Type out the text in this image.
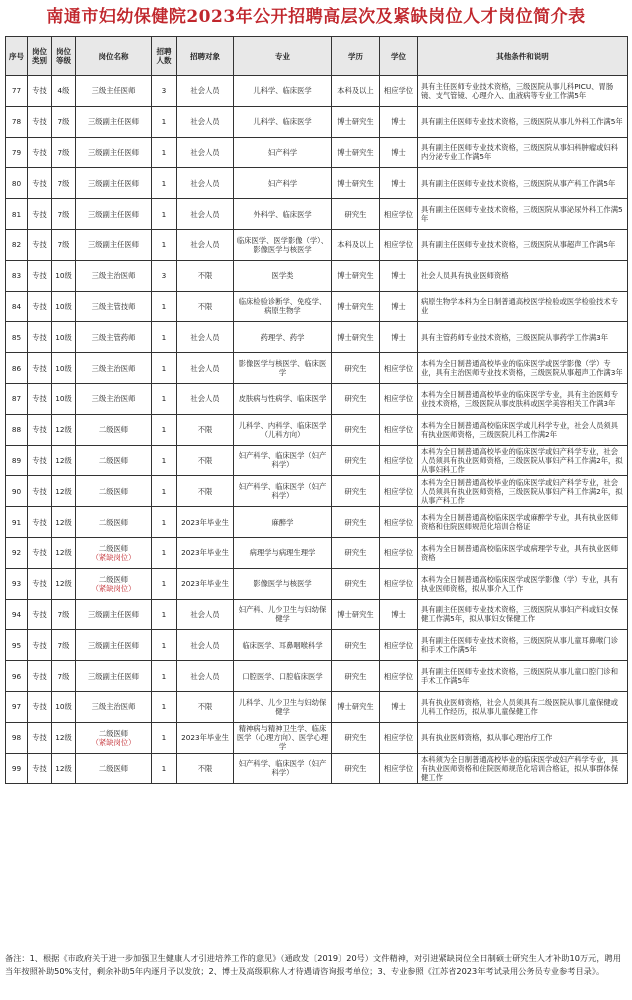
南通市妇幼保健院2023年公开招聘高层次及紧缺岗位人才岗位简介表
序号	岗位类别	岗位等级	岗位名称	招聘人数	招聘对象	专业	学历	学位	其他条件和说明
77	专技	4级	三级主任医师	3	社会人员	儿科学、临床医学	本科及以上	相应学位	具有主任医师专业技术资格，三级医院从事儿科PICU、胃肠镜、支气管镜、心理介入、血液病等专业工作满5年
78	专技	7级	三级副主任医师	1	社会人员	儿科学、临床医学	博士研究生	博士	具有副主任医师专业技术资格，三级医院从事儿外科工作满5年
79	专技	7级	三级副主任医师	1	社会人员	妇产科学	博士研究生	博士	具有副主任医师专业技术资格，三级医院从事妇科肿瘤或妇科内分泌专业工作满5年
80	专技	7级	三级副主任医师	1	社会人员	妇产科学	博士研究生	博士	具有副主任医师专业技术资格，三级医院从事产科工作满5年
81	专技	7级	三级副主任医师	1	社会人员	外科学、临床医学	研究生	相应学位	具有副主任医师专业技术资格，三级医院从事泌尿外科工作满5年
82	专技	7级	三级副主任医师	1	社会人员	临床医学、医学影像（学）、影像医学与核医学	本科及以上	相应学位	具有副主任医师专业技术资格，三级医院从事超声工作满5年
83	专技	10级	三级主治医师	3	不限	医学类	博士研究生	博士	社会人员具有执业医师资格
84	专技	10级	三级主管技师	1	不限	临床检验诊断学、免疫学、病原生物学	博士研究生	博士	病原生物学本科为全日制普通高校医学检验或医学检验技术专业
85	专技	10级	三级主管药师	1	社会人员	药理学、药学	博士研究生	博士	具有主管药师专业技术资格，三级医院从事药学工作满3年
86	专技	10级	三级主治医师	1	社会人员	影像医学与核医学、临床医学	研究生	相应学位	本科为全日制普通高校毕业的临床医学或医学影像（学）专业，具有主治医师专业技术资格，三级医院从事超声工作满3年
87	专技	10级	三级主治医师	1	社会人员	皮肤病与性病学、临床医学	研究生	相应学位	本科为全日制普通高校毕业的临床医学专业，具有主治医师专业技术资格，三级医院从事皮肤科或医学美容相关工作满3年
88	专技	12级	二级医师	1	不限	儿科学、内科学、临床医学（儿科方向）	研究生	相应学位	本科为全日制普通高校临床医学或儿科学专业，社会人员须具有执业医师资格，三级医院儿科工作满2年
89	专技	12级	二级医师	1	不限	妇产科学、临床医学（妇产科学）	研究生	相应学位	本科为全日制普通高校毕业的临床医学或妇产科学专业，社会人员须具有执业医师资格，三级医院从事妇产科工作满2年，拟从事妇科工作
90	专技	12级	二级医师	1	不限	妇产科学、临床医学（妇产科学）	研究生	相应学位	本科为全日制普通高校毕业的临床医学或妇产科学专业，社会人员须具有执业医师资格，三级医院从事妇产科工作满2年，拟从事产科工作
91	专技	12级	二级医师	1	2023年毕业生	麻醉学	研究生	相应学位	本科为全日制普通高校临床医学或麻醉学专业，具有执业医师资格和住院医师规范化培训合格证
92	专技	12级	二级医师
（紧缺岗位）	1	2023年毕业生	病理学与病理生理学	研究生	相应学位	本科为全日制普通高校临床医学或病理学专业，具有执业医师资格
93	专技	12级	二级医师
（紧缺岗位）	1	2023年毕业生	影像医学与核医学	研究生	相应学位	本科为全日制普通高校临床医学或医学影像（学）专业，具有执业医师资格，拟从事介入工作
94	专技	7级	三级副主任医师	1	社会人员	妇产科、儿少卫生与妇幼保健学	博士研究生	博士	具有副主任医师专业技术资格，三级医院从事妇产科或妇女保健工作满5年，拟从事妇女保健工作
95	专技	7级	三级副主任医师	1	社会人员	临床医学、耳鼻咽喉科学	研究生	相应学位	具有副主任医师专业技术资格，三级医院从事儿童耳鼻喉门诊和手术工作满5年
96	专技	7级	三级副主任医师	1	社会人员	口腔医学、口腔临床医学	研究生	相应学位	具有副主任医师专业技术资格，三级医院从事儿童口腔门诊和手术工作满5年
97	专技	10级	三级主治医师	1	不限	儿科学、儿少卫生与妇幼保健学	博士研究生	博士	具有执业医师资格，社会人员须具有二级医院从事儿童保健或儿科工作经历，拟从事儿童保健工作
98	专技	12级	二级医师
（紧缺岗位）	1	2023年毕业生	精神病与精神卫生学、临床医学（心理方向）、医学心理学	研究生	相应学位	具有执业医师资格，拟从事心理治疗工作
99	专技	12级	二级医师	1	不限	妇产科学、临床医学（妇产科学）	研究生	相应学位	本科须为全日制普通高校毕业的临床医学或妇产科学专业，具有执业医师资格和住院医师规范化培训合格证，拟从事群体保健工作
备注：1、根据《市政府关于进一步加强卫生健康人才引进培养工作的意见》（通政发〔2019〕20号）文件精神，对引进紧缺岗位全日制硕士研究生人才补助10万元，聘用当年按照补助50%支付，剩余补助5年内逐月予以发放；2、博士及高级职称人才待遇请咨询报考单位；3、专业参照《江苏省2023年考试录用公务员专业参考目录》。
